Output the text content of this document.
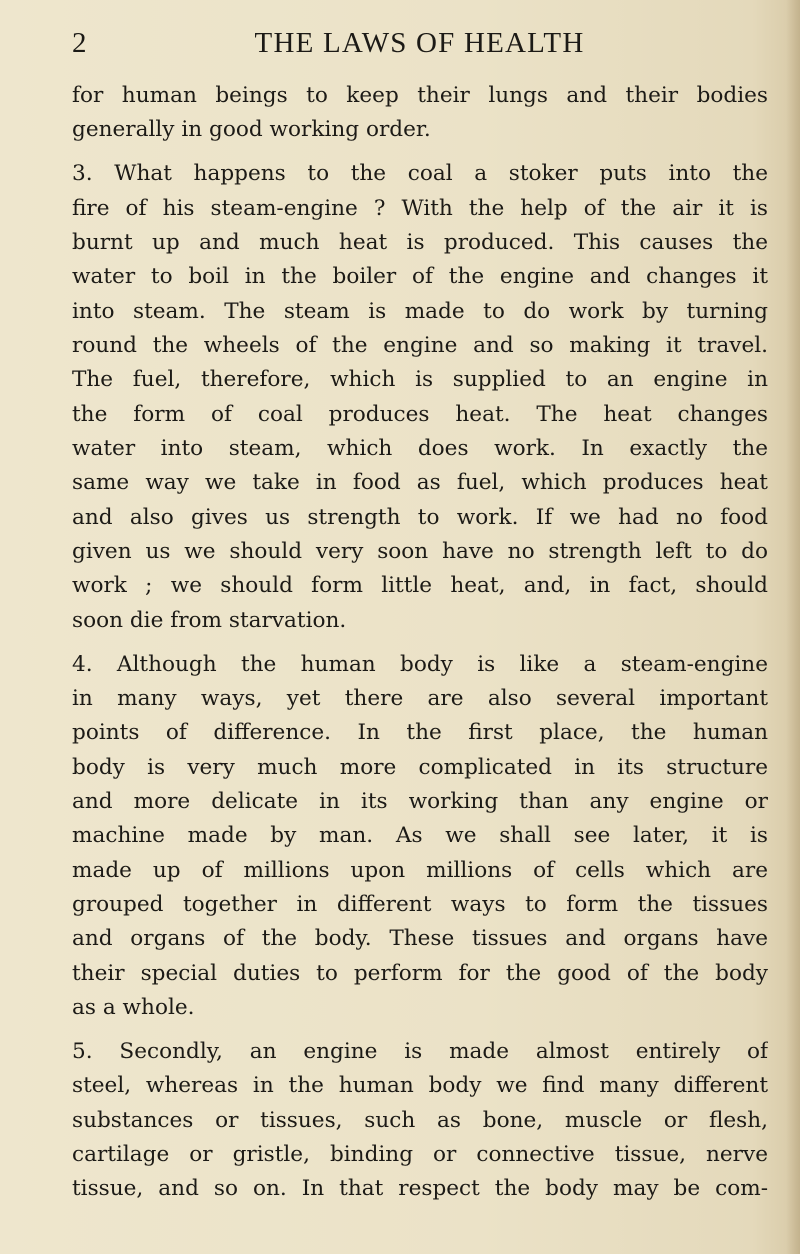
2	THE LAWS OF HEALTH
for human beings to keep their lungs and their bodies
generally in good working order.
3. What happens to the coal a stoker puts into the
fire of his steam-engine ? With the help of the air it is
burnt up and much heat is produced. This causes the
water to boil in the boiler of the engine and changes it
into steam. The steam is made to do work by turning
round the wheels of the engine and so making it travel.
The fuel, therefore, which is supplied to an engine in
the form of coal produces heat. The heat changes
water into steam, which does work. In exactly the
same way we take in food as fuel, which produces heat
and also gives us strength to work. If we had no food
given us we should very soon have no strength left to do
work ; we should form little heat, and, in fact, should
soon die from starvation.
4. Although the human body is like a steam-engine
in many ways, yet there are also several important
points of difference. In the first place, the human
body is very much more complicated in its structure
and more delicate in its working than any engine or
machine made by man. As we shall see later, it is
made up of millions upon millions of cells which are
grouped together in different ways to form the tissues
and organs of the body. These tissues and organs have
their special duties to perform for the good of the body
as a whole.
5. Secondly, an engine is made almost entirely of
steel, whereas in the human body we find many different
substances or tissues, such as bone, muscle or flesh,
cartilage or gristle, binding or connective tissue, nerve
tissue, and so on. In that respect the body may be com-
